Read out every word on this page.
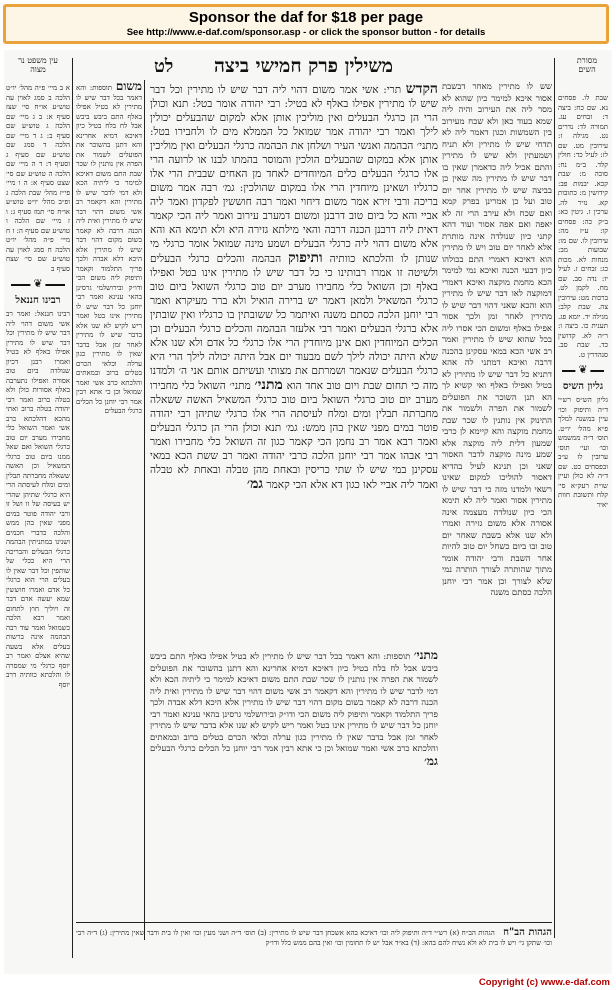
Sponsor the daf for $18 per page
See http://www.e-daf.com/sponsor.asp - or click the sponsor button - for details
לט משילין פרק חמישי ביצה	מסורת השים
עין משפט נר מצוה
שבת לו. פסחים נא. שם כח: ביצה ד: זבחים עג. תמורה לד: נדרים נט. מגילה ז: עירובין מט. שם לז: לעיל כד: חולין קלד. ב״מ נח: סוכה מ: שבת קכא. יבמות פב: קידושין מ: כתובות קא. נזיר לה. ערכין ז. גיטין כא: ב״ק כה: פסחים קו: ע״ז מה: עירובין לו. שם מו: שבועות מב: מנחות לא. מכות כג: זבחים ז. לעיל יז: נדה סב. שם מח. לקמן לט. ברכות מט: עירובין צה. שבת קלב: מגילה יד. יומא פג. תענית כו. ביצה ו: ר״ה לא. קדושין כד. שבת סב. סנהדרין ט.
❦
גליון השיס
גליון הש״ס רש״י ד״ה ותיפוק וכו׳ עיין במשנה למלך פ״א מהל׳ יו״ט. תוס׳ ד״ה ממשמש וכו׳ ועי׳ תוס׳ ערובין לז ע״ב ובפסחים כט. שם ד״ה לא כולן ועיין שו״ת רעק״א סי׳ קלח ותשובת חוות יאיר
א ב מיי׳ פ״ה מהל׳ יו״ט הלכה ב סמג לאוין עה טוש״ע או״ח סי׳ שצז סעיף א: ב ג מיי׳ שם הלכה ג טוש״ע שם סעיף ב: ג ד מיי׳ שם הלכה ד סמג שם טוש״ע שם סעיף ג וסעיף ד: ד ה מיי׳ שם הלכה ה טוש״ע שם סי׳ שצט סעיף א: ה ו מיי׳ פי״ז מהל׳ שבת הלכה ג ופ״ב מהל׳ יו״ט טוש״ע או״ח סי׳ תמז סעיף ג: ו ז מיי׳ שם הלכה ו טוש״ע שם סעיף ה: ז ח מיי׳ פ״ה מהל׳ יו״ט הלכה ח סמג לאוין עה טוש״ע שם סי׳ שצח סעיף ב
❦
רבינו חננאל
רבינו חננאל: ואמר רב אשי משום דהוי ליה דבר שיש לו מתירין וכל דבר שיש לו מתירין אפילו באלף לא בטיל ואמרו רבנן דכיון שנולדה ביום טוב אסורה ואפילו נתערבה באלף אסורות כולן ולא בטלה ברוב ואמר רבי יהודה בטלה ברוב ואתי מהכא דהלכתא כרב אשי ואמר השואל כלי מחבירו מערב יום טוב כרגלי השואל ואם שאל ממנו ביום טוב כרגלי המשאיל וכן האשה ששאלה מחברתה תבלין ומים ומלח לעיסתה הרי היא כרגלי שתיהן שהרי יש בעיסה של זו ושל זו ורבי יהודה פוטר במים מפני שאין בהן ממש והלכה כדברי חכמים ושנינו במתניתין הבהמה כרגלי הבעלים והבריכה הרי היא ככלי של שותפין וכל דבר שאין לו בעלים הרי הוא כרגלי כל אדם ואמרו חוששין שמא יעשה אדם דבר זה ויוליך חוץ לתחום ואמר רבא הלכה כשמואל ואמר עוד רבה הבהמה אינה ברשות בעלים אלא בשעה שהיא אצלם ואמר רב יוסף כרגלי מי שמסרה לו והלכתא כוותיה דרב יוסף
משום תוספות: והא דאמר בכל דבר שיש לו מתירין לא בטיל אפילו באלף התם ביבש ביבש אבל לח בלח בטיל כיון דאיכא דמיא אחרינא והא דתנן בהשוכר את הפועלים לשמור את הפרה אין נותנין לו שכר שבת התם משום דאיכא למימר כי ליתיה הכא ולא דמי לדבר שיש לו מתירין והא דקאמר רב אשי משום דהוי דבר שיש לו מתירין ואית ליה הכנה דרבה לא קאמר בשום מקום דהוי דבר שיש לו מתירין אלא היכא דלא אבדה ולכך פריך התלמוד וקאמר ותיפוק ליה משום הכי ודו״ק ובירושלמי גרסינן בהאי ענינא ואמר רבי יוחנן כל דבר שיש לו מתירין אינו בטל ואמר ריש לקיש לא שנו אלא בדבר שיש לו מתירין לאחר זמן אבל בדבר שאין לו מתירין כגון ערלה וכלאי הכרם בטלים ברוב ובמאתים והלכתא כרב אשי ואמר שמואל וכן כי אתא רבין אמר רבי יוחנן כל הכלים כרגלי הבעלים
שש לו מתירין מאחר דבשבת אסור איכא למימר כיון שהוא לא מסר ליה את העירוב והיה ליה שמא בעוד כאן ולא שכח מעירוב בין השמשות וכגון דאמר ליה לא תדחי שיש לו מתירין ולא תניח ושמעתין ולא שיש לו מתירין והתם אכיל ליה כדאמרן שאין בו דבר שיש לו מתירין מה שאין כן בביצה שיש לו מתירין אחר יום טוב ועל כן אמרינן בפרק קמא ואם שכח ולא עירב הרי זה לא יאפה ואם אפה אסור ועוד דהא קתני כיון שנולדה אינה מותרת אלא לאחר יום טוב ויש לו מתירין הוא דאיכא דאמרי התם בכולהו כיון דבעי הכנה ואיכא נמי למימר הכא מחמת מוקצה ואיכא דאמרי דמוקצה לאו דבר שיש לו מתירין הוא והכא שאני דהוי דבר שיש לו מתירין לאחר זמן ולכך אסור אפילו באלף ומשום הכי אסרו ליה בכל שהוא שיש לו מתירין ואמר רב אשי הכא במאי עסקינן בהכנה דרבה ואיכא דמתני לה אהא דתניא כל דבר שיש לו מתירין לא בטיל ואפילו באלף ואי קשיא לך הא תנן השוכר את הפועלים לשמור את הפרה ולשמור את התינוק אין נותנין לו שכר שבת מחמת מוקצה והא קיימא לן כרבי שמעון דלית ליה מוקצה אלא שמע מינה מוקצה לדבר האסור שאני וכן תנינא לעיל בהדיא דאסור להוליכו למקום שאינו רשאי ולמדנו מזה כי דבר שיש לו מתירין אסור ואמר ליה לא תימא הכי כיון שנולדה מעצמה אינה אסורה אלא משום גזירה ואמרו ולא שנו אלא בשבת שאחר יום טוב ובו ביום כשחל יום טוב להיות אחר השבת ורבי יהודה אומר מתוך שהותרה לצורך הותרה נמי שלא לצורך וכן אמר רבי יוחנן הלכה כסתם משנה
הקדש תרי: אשי אמר משום דהוי ליה דבר שיש לו מתירין וכל דבר שיש לו מתירין אפילו באלף לא בטיל: רבי יהודה אומר בטל: תנא וכולן הרי הן כרגלי הבעלים ואין מוליכין אותן אלא למקום שהבעלים יכולין לילך ואמר רבי יהודה אמר שמואל כל הממלא מים לו ולחבירו בטל: מתני׳ הבהמה ואנשי העיר ושלחן את הבהמה כרגלי הבעלים ואין מוליכין אותן אלא במקום שהבעלים הולכין והמוסר בהמתו לבנו או לרועה הרי אלו כרגלי הבעלים כלים המיוחדים לאחד מן האחים שבבית הרי אלו כרגליו ושאינן מיוחדין הרי אלו במקום שהולכין: גמ׳ רבה אמר משום בריכה ורבי זירא אמר משום דיחוי ואמר רבה חוששין לפקדון ואמר ליה אביי והא כל ביום טוב דרבנן ומשום דמערב עירוב ואמר ליה הכי קאמר דאית ליה דרבנן הכנה דרבה והאי מילתא גזירה היא ולא תימא הא והא אלא משום דהוי ליה כרגלי הבעלים ושמע מינה שמואל אומר כרגלי מי שנותן לו והלכתא כוותיה ותיפוק הבהמה והכלים כרגלי הבעלים ולשיטה זו אמרו רבותינו כי כל דבר שיש לו מתירין אינו בטל ואפילו באלף וכן השואל כלי מחבירו מערב יום טוב כרגלי השואל ביום טוב כרגלי המשאיל ולמאן דאמר יש ברירה הואיל ולא ברר מעיקרא ואמר רבי יוחנן הלכה כסתם משנה ואיתמר כל ששובתין בו כרגליו ואין שובתין אלא ברגלי הבעלים ואמר רבי אלעזר הבהמה והכלים כרגלי הבעלים וכן הכלים המיוחדין ואם אינן מיוחדין הרי אלו כרגלי כל אדם ולא שנו אלא שלא היתה יכולה לילך לשם מבעוד יום אבל היתה יכולה לילך הרי היא כרגלי הבעלים שנאמר ושמרתם את מצותי ועשיתם אותם אני ה׳ ולמדנו מזה כי תחום שבת ויום טוב אחד הוא מתני׳ מתני׳ השואל כלי מחבירו מערב יום טוב כרגלי השואל ביום טוב כרגלי המשאיל האשה ששאלה מחברתה תבלין ומים ומלח לעיסתה הרי אלו כרגלי שתיהן רבי יהודה פוטר במים מפני שאין בהן ממש: גמ׳ תנא וכולן הרי הן כרגלי הבעלים ואמר רבא אמר רב נחמן הכי קאמר כגון זה השואל כלי מחבירו ואמר רבי אבהו אמר רבי יוחנן הלכה כרבי יהודה ואמר רב ששת הכא במאי עסקינן במי שיש לו שתי כריסין ובאחת מהן טבלה ובאחת לא טבלה ואמר ליה אביי לאו כגון דא אלא הכי קאמר גמ׳
מתני׳ תוספות: והא דאמר בכל דבר שיש לו מתירין לא בטיל אפילו באלף התם ביבש ביבש אבל לח בלח בטיל כיון דאיכא דמיא אחרינא והא דתנן בהשוכר את הפועלים לשמור את הפרה אין נותנין לו שכר שבת התם משום דאיכא למימר כי ליתיה הכא ולא דמי לדבר שיש לו מתירין והא דקאמר רב אשי משום דהוי דבר שיש לו מתירין ואית ליה הכנה דרבה לא קאמר בשום מקום דהוי דבר שיש לו מתירין אלא היכא דלא אבדה ולכך פריך התלמוד וקאמר ותיפוק ליה משום הכי ודו״ק ובירושלמי גרסינן בהאי ענינא ואמר רבי יוחנן כל דבר שיש לו מתירין אינו בטל ואמר ריש לקיש לא שנו אלא בדבר שיש לו מתירין לאחר זמן אבל בדבר שאין לו מתירין כגון ערלה וכלאי הכרם בטלים ברוב ובמאתים והלכתא כרב אשי ואמר שמואל וכן כי אתא רבין אמר רבי יוחנן כל הכלים כרגלי הבעלים גמ׳
הגהות הב"ח הגהות הב״ח (א) רש״י ד״ה ותיפוק ליה וכו׳ דאיכא בהא אשכחן דבר שיש לו מתירין: (ב) תוס׳ ד״ה ושני מעין וכו׳ ואין לו בית ודבר שאין מתירין: (ג) ד״ה רבי וכו׳ שתקן גי׳ ויש לו בית לא ולא נשיח להם בהא: (ד) בא״ד אבל יש לו תחומין וכו׳ ואין בהם ממש כלל ודו״ק
Copyright (c) www.e-daf.com
